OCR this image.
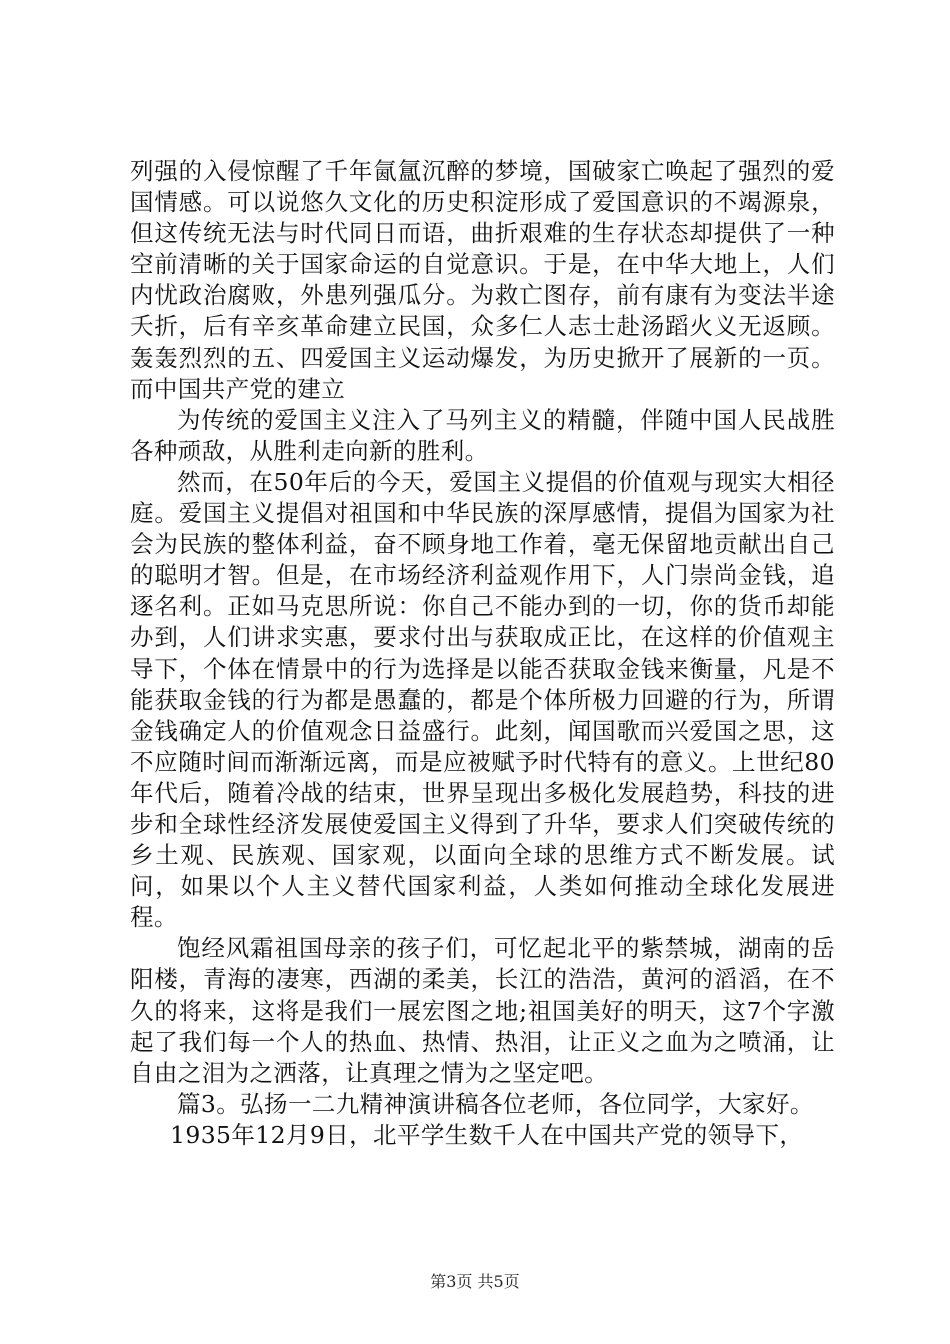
列强的入侵惊醒了千年氤氲沉醉的梦境，国破家亡唤起了强烈的爱国情感。可以说悠久文化的历史积淀形成了爱国意识的不竭源泉，但这传统无法与时代同日而语，曲折艰难的生存状态却提供了一种空前清晰的关于国家命运的自觉意识。于是，在中华大地上，人们内忧政治腐败，外患列强瓜分。为救亡图存，前有康有为变法半途夭折，后有辛亥革命建立民国，众多仁人志士赴汤蹈火义无返顾。轰轰烈烈的五、四爱国主义运动爆发，为历史掀开了展新的一页。而中国共产党的建立

为传统的爱国主义注入了马列主义的精髓，伴随中国人民战胜各种顽敌，从胜利走向新的胜利。

然而，在50年后的今天，爱国主义提倡的价值观与现实大相径庭。爱国主义提倡对祖国和中华民族的深厚感情，提倡为国家为社会为民族的整体利益，奋不顾身地工作着，毫无保留地贡献出自己的聪明才智。但是，在市场经济利益观作用下，人门崇尚金钱，追逐名利。正如马克思所说：你自己不能办到的一切，你的货币却能办到，人们讲求实惠，要求付出与获取成正比，在这样的价值观主导下，个体在情景中的行为选择是以能否获取金钱来衡量，凡是不能获取金钱的行为都是愚蠢的，都是个体所极力回避的行为，所谓金钱确定人的价值观念日益盛行。此刻，闻国歌而兴爱国之思，这不应随时间而渐渐远离，而是应被赋予时代特有的意义。上世纪80年代后，随着冷战的结束，世界呈现出多极化发展趋势，科技的进步和全球性经济发展使爱国主义得到了升华，要求人们突破传统的乡土观、民族观、国家观，以面向全球的思维方式不断发展。试问，如果以个人主义替代国家利益，人类如何推动全球化发展进程。

饱经风霜祖国母亲的孩子们，可忆起北平的紫禁城，湖南的岳阳楼，青海的凄寒，西湖的柔美，长江的浩浩，黄河的滔滔，在不久的将来，这将是我们一展宏图之地;祖国美好的明天，这7个字激起了我们每一个人的热血、热情、热泪，让正义之血为之喷涌，让自由之泪为之洒落，让真理之情为之坚定吧。

篇3。弘扬一二九精神演讲稿各位老师，各位同学，大家好。

1935年12月9日，北平学生数千人在中国共产党的领导下，

第3页 共5页
